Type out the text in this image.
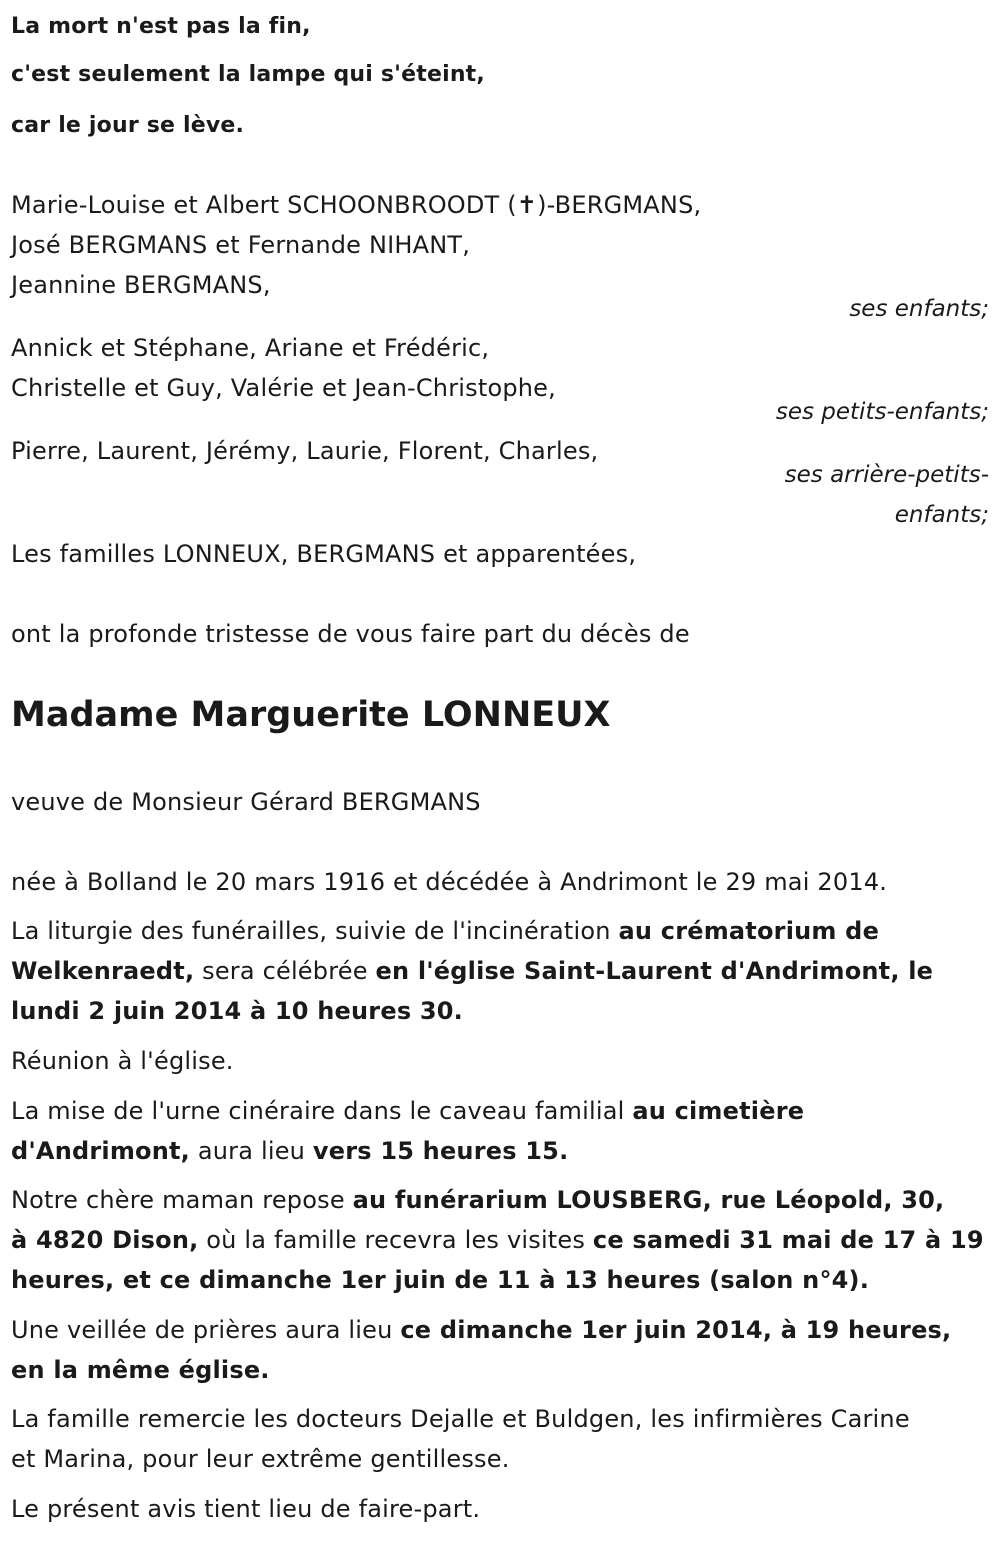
La mort n'est pas la fin,
c'est seulement la lampe qui s'éteint,
car le jour se lève.
Marie-Louise et Albert SCHOONBROODT (✝)-BERGMANS,
José BERGMANS et Fernande NIHANT,
Jeannine BERGMANS,
ses enfants;
Annick et Stéphane, Ariane et Frédéric,
Christelle et Guy, Valérie et Jean-Christophe,
ses petits-enfants;
Pierre, Laurent, Jérémy, Laurie, Florent, Charles,
ses arrière-petits-
enfants;
Les familles LONNEUX, BERGMANS et apparentées,
ont la profonde tristesse de vous faire part du décès de
Madame Marguerite LONNEUX
veuve de Monsieur Gérard BERGMANS
née à Bolland le 20 mars 1916 et décédée à Andrimont le 29 mai 2014.
La liturgie des funérailles, suivie de l'incinération au crématorium de
Welkenraedt, sera célébrée en l'église Saint-Laurent d'Andrimont, le
lundi 2 juin 2014 à 10 heures 30.
Réunion à l'église.
La mise de l'urne cinéraire dans le caveau familial au cimetière
d'Andrimont, aura lieu vers 15 heures 15.
Notre chère maman repose au funérarium LOUSBERG, rue Léopold, 30,
à 4820 Dison, où la famille recevra les visites ce samedi 31 mai de 17 à 19
heures, et ce dimanche 1er juin de 11 à 13 heures (salon n°4).
Une veillée de prières aura lieu ce dimanche 1er juin 2014, à 19 heures,
en la même église.
La famille remercie les docteurs Dejalle et Buldgen, les infirmières Carine
et Marina, pour leur extrême gentillesse.
Le présent avis tient lieu de faire-part.
